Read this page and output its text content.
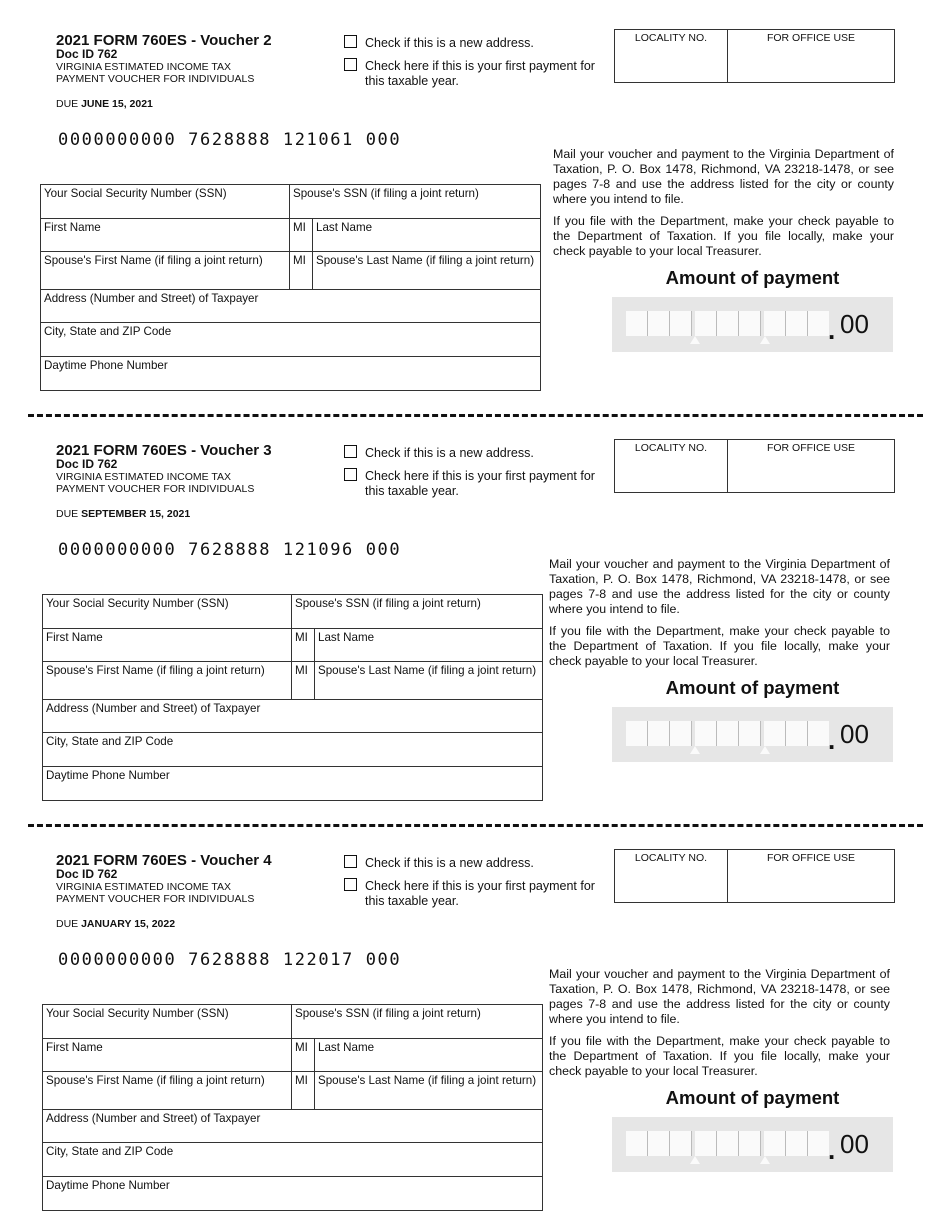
2021 FORM 760ES - Voucher 2
Doc ID 762
VIRGINIA ESTIMATED INCOME TAX
PAYMENT VOUCHER FOR INDIVIDUALS
DUE JUNE 15, 2021
Check if this is a new address.
Check here if this is your first payment for this taxable year.
LOCALITY NO.	FOR OFFICE USE
0000000000 7628888 121061 000

Mail your voucher and payment to the Virginia Department of Taxation, P. O. Box 1478, Richmond, VA 23218-1478, or see pages 7-8 and use the address listed for the city or county where you intend to file.

If you file with the Department, make your check payable to the Department of Taxation. If you file locally, make your check payable to your local Treasurer.

Amount of payment
. 00
Your Social Security Number (SSN)	Spouse's SSN (if filing a joint return)
First Name	MI Last Name
Spouse's First Name (if filing a joint return)	MI Spouse's Last Name (if filing a joint return)
Address (Number and Street) of Taxpayer
City, State and ZIP Code
Daytime Phone Number
2021 FORM 760ES - Voucher 3
Doc ID 762
VIRGINIA ESTIMATED INCOME TAX
PAYMENT VOUCHER FOR INDIVIDUALS
DUE SEPTEMBER 15, 2021
Check if this is a new address.
Check here if this is your first payment for this taxable year.
LOCALITY NO.	FOR OFFICE USE
0000000000 7628888 121096 000

Mail your voucher and payment to the Virginia Department of Taxation, P. O. Box 1478, Richmond, VA 23218-1478, or see pages 7-8 and use the address listed for the city or county where you intend to file.

If you file with the Department, make your check payable to the Department of Taxation. If you file locally, make your check payable to your local Treasurer.

Amount of payment
. 00
Your Social Security Number (SSN)	Spouse's SSN (if filing a joint return)
First Name	MI Last Name
Spouse's First Name (if filing a joint return)	MI Spouse's Last Name (if filing a joint return)
Address (Number and Street) of Taxpayer
City, State and ZIP Code
Daytime Phone Number
2021 FORM 760ES - Voucher 4
Doc ID 762
VIRGINIA ESTIMATED INCOME TAX
PAYMENT VOUCHER FOR INDIVIDUALS
DUE JANUARY 15, 2022
Check if this is a new address.
Check here if this is your first payment for this taxable year.
LOCALITY NO.	FOR OFFICE USE
0000000000 7628888 122017 000

Mail your voucher and payment to the Virginia Department of Taxation, P. O. Box 1478, Richmond, VA 23218-1478, or see pages 7-8 and use the address listed for the city or county where you intend to file.

If you file with the Department, make your check payable to the Department of Taxation. If you file locally, make your check payable to your local Treasurer.

Amount of payment
. 00
Your Social Security Number (SSN)	Spouse's SSN (if filing a joint return)
First Name	MI Last Name
Spouse's First Name (if filing a joint return)	MI Spouse's Last Name (if filing a joint return)
Address (Number and Street) of Taxpayer
City, State and ZIP Code
Daytime Phone Number
